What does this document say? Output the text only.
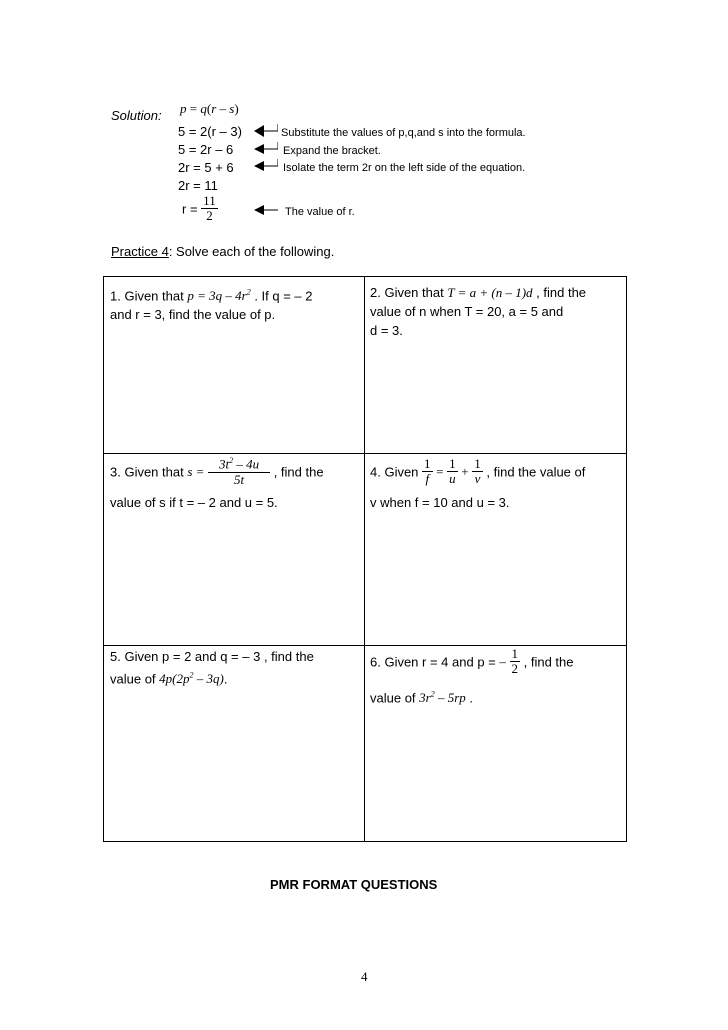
Solution: p = q(r – s)
5 = 2(r – 3)
5 = 2r – 6
2r = 5 + 6
2r = 11
Substitute the values of p,q,and s into the formula.
Expand the bracket.
Isolate the term 2r on the left side of the equation.
$r = \frac{11}{2}$	The value of r.
Practice 4: Solve each of the following.
1. Given that $p = 3q - 4r^2$ . If q = – 2
and r = 3, find the value of p.
2. Given that T = a + (n – 1)d , find the
value of n when T = 20, a = 5 and
d = 3.
3. Given that $s = \frac{3t^2 - 4u}{5t}$ , find the
value of s if t = – 2 and u = 5.
4. Given $\frac{1}{f} = \frac{1}{u} + \frac{1}{v}$ , find the value of
v when f = 10 and u = 3.
5. Given p = 2 and q = – 3 , find the
value of $4p(2p^2 - 3q)$.
6. Given r = 4 and p = – $\frac{1}{2}$ , find the
value of $3r^2 - 5rp$ .
PMR FORMAT QUESTIONS
4
